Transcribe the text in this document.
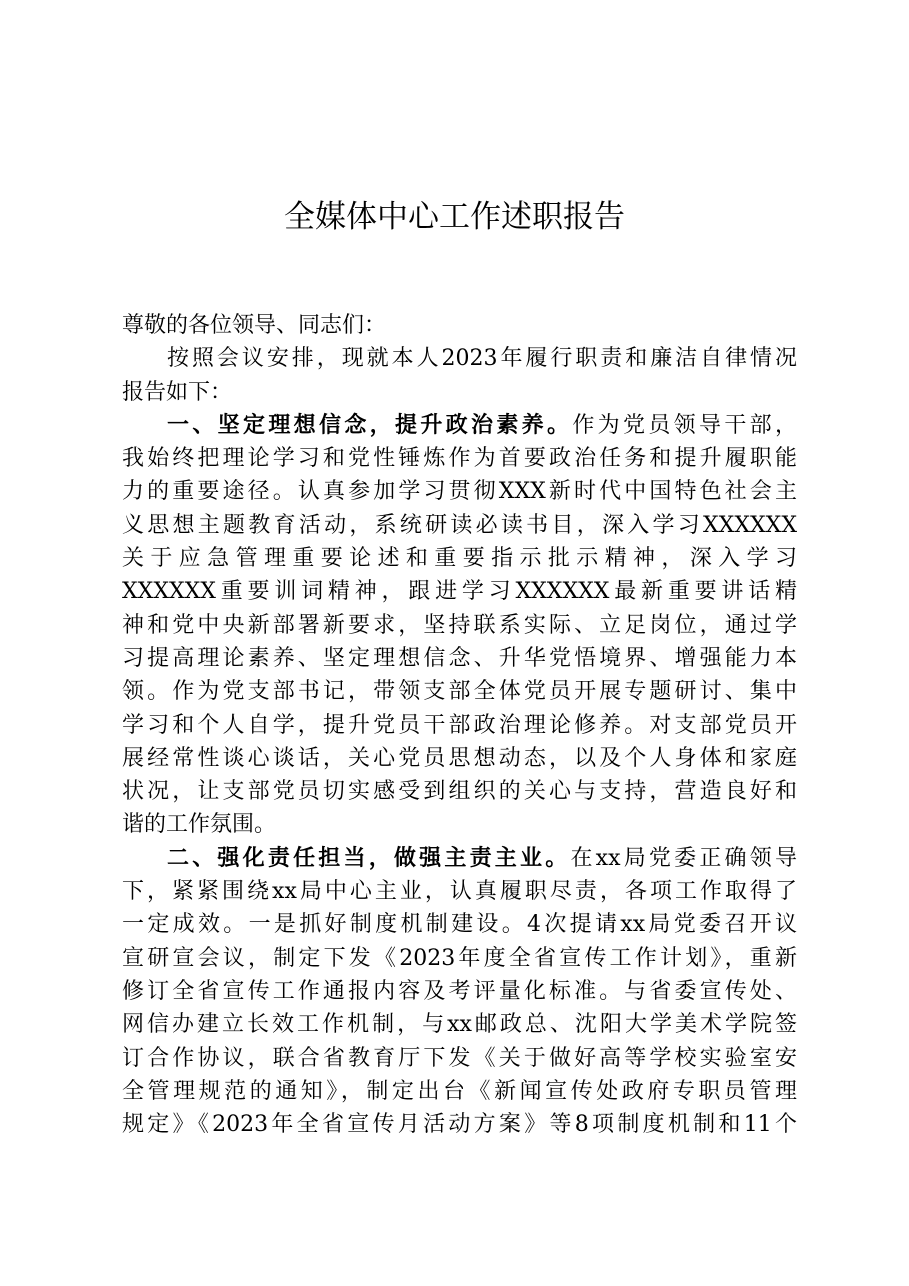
全媒体中心工作述职报告
尊敬的各位领导、同志们：
按照会议安排，现就本人2023年履行职责和廉洁自律情况
报告如下：
一、坚定理想信念，提升政治素养。作为党员领导干部，
我始终把理论学习和党性锤炼作为首要政治任务和提升履职能
力的重要途径。认真参加学习贯彻XXX新时代中国特色社会主
义思想主题教育活动，系统研读必读书目，深入学习XXXXXX
关于应急管理重要论述和重要指示批示精神，深入学习
XXXXXX重要训词精神，跟进学习XXXXXX最新重要讲话精
神和党中央新部署新要求，坚持联系实际、立足岗位，通过学
习提高理论素养、坚定理想信念、升华党悟境界、增强能力本
领。作为党支部书记，带领支部全体党员开展专题研讨、集中
学习和个人自学，提升党员干部政治理论修养。对支部党员开
展经常性谈心谈话，关心党员思想动态，以及个人身体和家庭
状况，让支部党员切实感受到组织的关心与支持，营造良好和
谐的工作氛围。
二、强化责任担当，做强主责主业。在xx局党委正确领导
下，紧紧围绕xx局中心主业，认真履职尽责，各项工作取得了
一定成效。一是抓好制度机制建设。4次提请xx局党委召开议
宣研宣会议，制定下发《2023年度全省宣传工作计划》，重新
修订全省宣传工作通报内容及考评量化标准。与省委宣传处、
网信办建立长效工作机制，与xx邮政总、沈阳大学美术学院签
订合作协议，联合省教育厅下发《关于做好高等学校实验室安
全管理规范的通知》，制定出台《新闻宣传处政府专职员管理
规定》《2023年全省宣传月活动方案》等8项制度机制和11个
